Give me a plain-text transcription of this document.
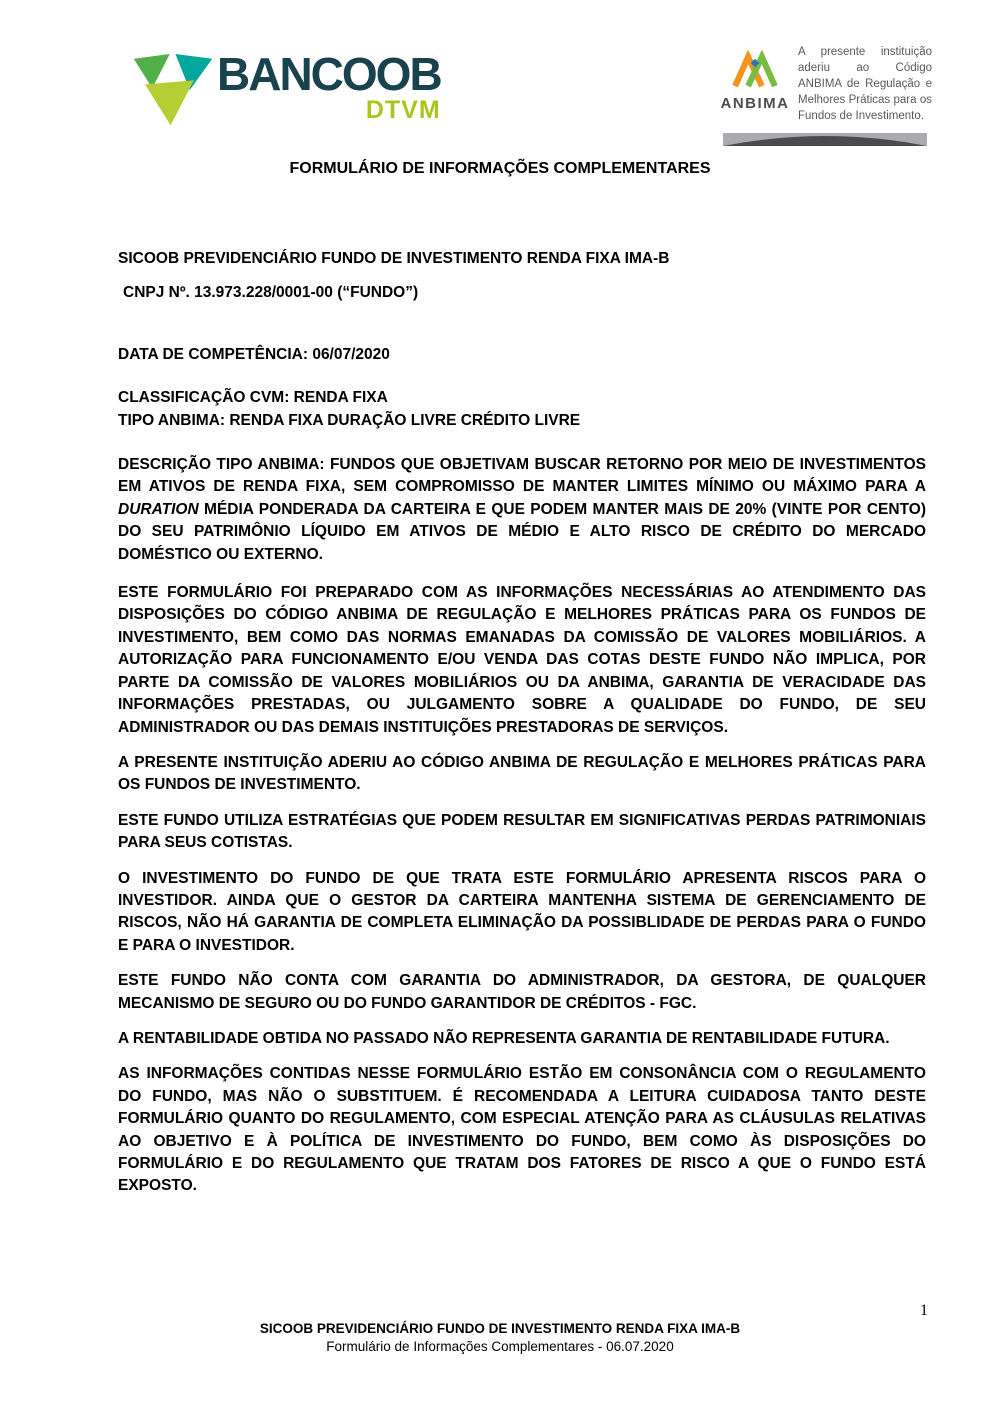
BANCOOB
DTVM	ANBIMA
A presente instituição aderiu ao Código ANBIMA de Regulação e Melhores Práticas para os Fundos de Investimento.
FORMULÁRIO DE INFORMAÇÕES COMPLEMENTARES
SICOOB PREVIDENCIÁRIO FUNDO DE INVESTIMENTO RENDA FIXA IMA-B
CNPJ Nº. 13.973.228/0001-00 (“FUNDO”)
DATA DE COMPETÊNCIA: 06/07/2020
CLASSIFICAÇÃO CVM: RENDA FIXA
TIPO ANBIMA: RENDA FIXA DURAÇÃO LIVRE CRÉDITO LIVRE

DESCRIÇÃO TIPO ANBIMA: FUNDOS QUE OBJETIVAM BUSCAR RETORNO POR MEIO DE INVESTIMENTOS EM ATIVOS DE RENDA FIXA, SEM COMPROMISSO DE MANTER LIMITES MÍNIMO OU MÁXIMO PARA A DURATION MÉDIA PONDERADA DA CARTEIRA E QUE PODEM MANTER MAIS DE 20% (VINTE POR CENTO) DO SEU PATRIMÔNIO LÍQUIDO EM ATIVOS DE MÉDIO E ALTO RISCO DE CRÉDITO DO MERCADO DOMÉSTICO OU EXTERNO.

ESTE FORMULÁRIO FOI PREPARADO COM AS INFORMAÇÕES NECESSÁRIAS AO ATENDIMENTO DAS DISPOSIÇÕES DO CÓDIGO ANBIMA DE REGULAÇÃO E MELHORES PRÁTICAS PARA OS FUNDOS DE INVESTIMENTO, BEM COMO DAS NORMAS EMANADAS DA COMISSÃO DE VALORES MOBILIÁRIOS. A AUTORIZAÇÃO PARA FUNCIONAMENTO E/OU VENDA DAS COTAS DESTE FUNDO NÃO IMPLICA, POR PARTE DA COMISSÃO DE VALORES MOBILIÁRIOS OU DA ANBIMA, GARANTIA DE VERACIDADE DAS INFORMAÇÕES PRESTADAS, OU JULGAMENTO SOBRE A QUALIDADE DO FUNDO, DE SEU ADMINISTRADOR OU DAS DEMAIS INSTITUIÇÕES PRESTADORAS DE SERVIÇOS.

A PRESENTE INSTITUIÇÃO ADERIU AO CÓDIGO ANBIMA DE REGULAÇÃO E MELHORES PRÁTICAS PARA OS FUNDOS DE INVESTIMENTO.

ESTE FUNDO UTILIZA ESTRATÉGIAS QUE PODEM RESULTAR EM SIGNIFICATIVAS PERDAS PATRIMONIAIS PARA SEUS COTISTAS.

O INVESTIMENTO DO FUNDO DE QUE TRATA ESTE FORMULÁRIO APRESENTA RISCOS PARA O INVESTIDOR. AINDA QUE O GESTOR DA CARTEIRA MANTENHA SISTEMA DE GERENCIAMENTO DE RISCOS, NÃO HÁ GARANTIA DE COMPLETA ELIMINAÇÃO DA POSSIBLIDADE DE PERDAS PARA O FUNDO E PARA O INVESTIDOR.

ESTE FUNDO NÃO CONTA COM GARANTIA DO ADMINISTRADOR, DA GESTORA, DE QUALQUER MECANISMO DE SEGURO OU DO FUNDO GARANTIDOR DE CRÉDITOS - FGC.

A RENTABILIDADE OBTIDA NO PASSADO NÃO REPRESENTA GARANTIA DE RENTABILIDADE FUTURA.

AS INFORMAÇÕES CONTIDAS NESSE FORMULÁRIO ESTÃO EM CONSONÂNCIA COM O REGULAMENTO DO FUNDO, MAS NÃO O SUBSTITUEM. É RECOMENDADA A LEITURA CUIDADOSA TANTO DESTE FORMULÁRIO QUANTO DO REGULAMENTO, COM ESPECIAL ATENÇÃO PARA AS CLÁUSULAS RELATIVAS AO OBJETIVO E À POLÍTICA DE INVESTIMENTO DO FUNDO, BEM COMO ÀS DISPOSIÇÕES DO FORMULÁRIO E DO REGULAMENTO QUE TRATAM DOS FATORES DE RISCO A QUE O FUNDO ESTÁ EXPOSTO.

1
SICOOB PREVIDENCIÁRIO FUNDO DE INVESTIMENTO RENDA FIXA IMA-B
Formulário de Informações Complementares - 06.07.2020
